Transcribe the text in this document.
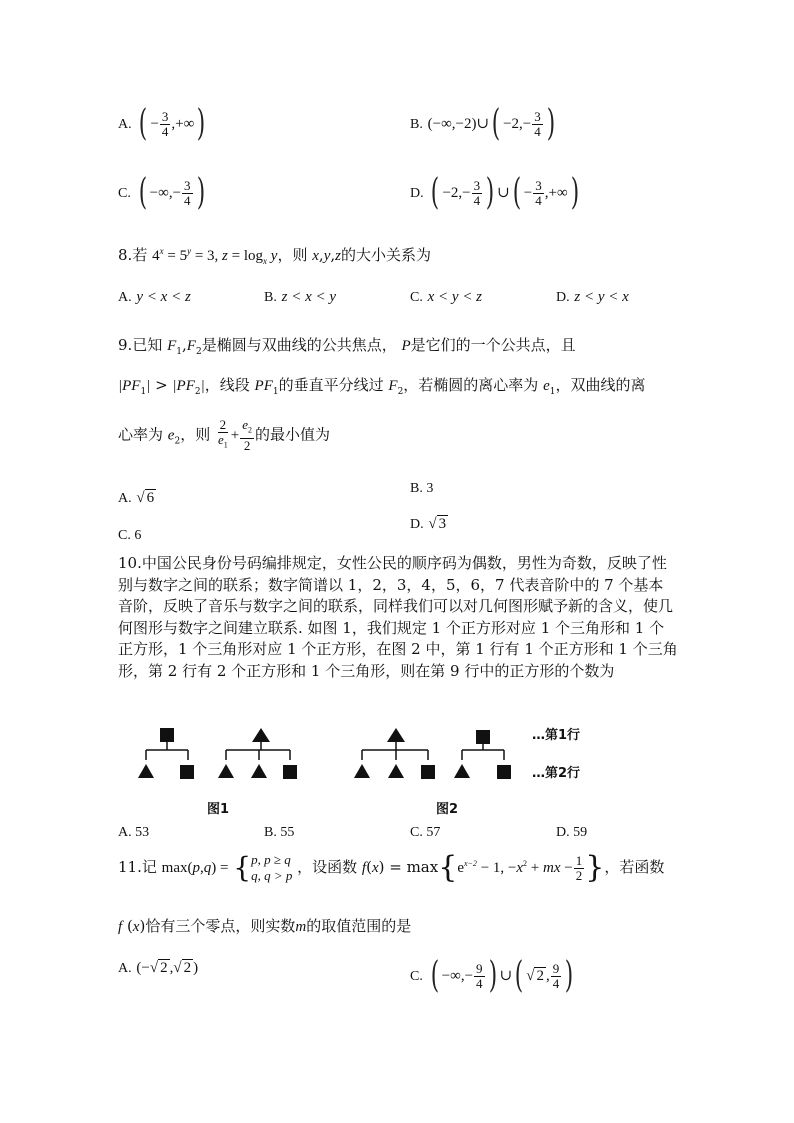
A. ( − $\frac{3}{4}$ ,+∞)	B. (−∞,−2)∪( $-2,- \frac{3}{4}$ )
C. ( −∞,− $\frac{3}{4}$ )	D. ( $-2,- \frac{3}{4}$ ) ∪( − $\frac{3}{4}$ ,+∞)
8.若 $4^x = 5^y = 3$, $z = \log_x y$，则 x,y,z的大小关系为
A. y < x < z	B. z < x < y	C. x < y < z	D. z < y < x
9.已知 $F_1,F_2$是椭圆与双曲线的公共焦点， P是它们的一个公共点，且
$|PF_1| > |PF_2|$，线段 $PF_1$的垂直平分线过 $F_2$，若椭圆的离心率为 $e_1$，双曲线的离
心率为 $e_2$，则 $\frac{2}{e_1} + \frac{e_2}{2}$ 的最小值为
A. √ 6
B. 3
C. 6
D. √ 3
10.中国公民身份号码编排规定，女性公民的顺序码为偶数，男性为奇数，反映了性别与数字之间的联系；数字简谱以 1，2，3，4，5，6，7 代表音阶中的 7 个基本音阶，反映了音乐与数字之间的联系，同样我们可以对几何图形赋予新的含义，使几何图形与数字之间建立联系. 如图 1，我们规定 1 个正方形对应 1 个三角形和 1 个正方形，1 个三角形对应 1 个正方形，在图 2 中，第 1 行有 1 个正方形和 1 个三角形，第 2 行有 2 个正方形和 1 个三角形，则在第 9 行中的正方形的个数为
…第1行
…第2行
图1	图2
A. 53	B. 55	C. 57	D. 59
11.记 max(p,q) = { p, p ≥ q
q, q > p ，设函数 $f(x) = \max\{e^{x-2} - 1$, $-x^2$ + mx − $\frac{1}{2}$ }，若函数
f (x)恰有三个零点，则实数m的取值范围的是
A. (−√ 2 ,√ 2 )
C. ( −∞,− $\frac{9}{4}$ ) ∪( √ 2 , $\frac{9}{4}$ )
